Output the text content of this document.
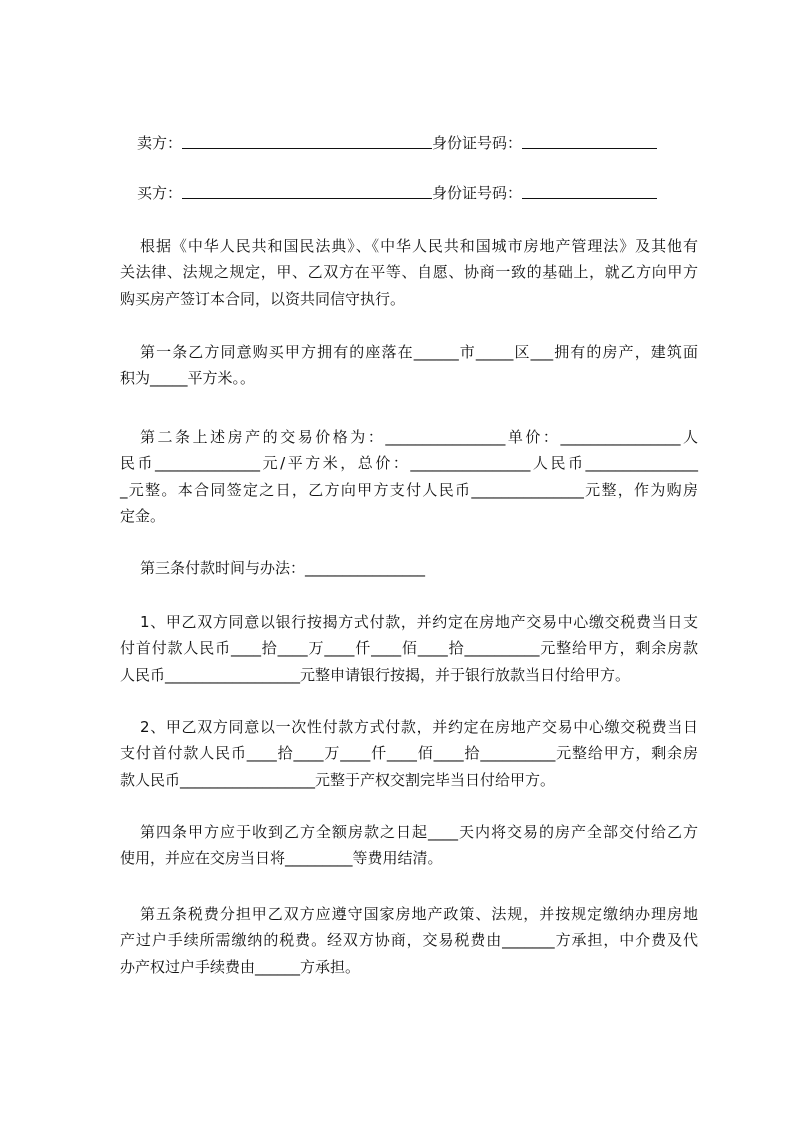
卖方：	身份证号码：
买方：	身份证号码：
根据《中华人民共和国民法典》、《中华人民共和国城市房地产管理法》及其他有
关法律、法规之规定，甲、乙双方在平等、自愿、协商一致的基础上，就乙方向甲方
购买房产签订本合同，以资共同信守执行。
第一条乙方同意购买甲方拥有的座落在______市_____区___拥有的房产，建筑面
积为_____平方米。。
第二条上述房产的交易价格为：________________单价：________________人
民币______________元/平方米，总价：________________人民币_______________
_元整。本合同签定之日，乙方向甲方支付人民币_______________元整，作为购房
定金。
第三条付款时间与办法：________________
1、甲乙双方同意以银行按揭方式付款，并约定在房地产交易中心缴交税费当日支
付首付款人民币____拾____万____仟____佰____拾__________元整给甲方，剩余房款
人民币__________________元整申请银行按揭，并于银行放款当日付给甲方。
2、甲乙双方同意以一次性付款方式付款，并约定在房地产交易中心缴交税费当日
支付首付款人民币____拾____万____仟____佰____拾__________元整给甲方，剩余房
款人民币__________________元整于产权交割完毕当日付给甲方。
第四条甲方应于收到乙方全额房款之日起____天内将交易的房产全部交付给乙方
使用，并应在交房当日将_________等费用结清。
第五条税费分担甲乙双方应遵守国家房地产政策、法规，并按规定缴纳办理房地
产过户手续所需缴纳的税费。经双方协商，交易税费由_______方承担，中介费及代
办产权过户手续费由______方承担。
